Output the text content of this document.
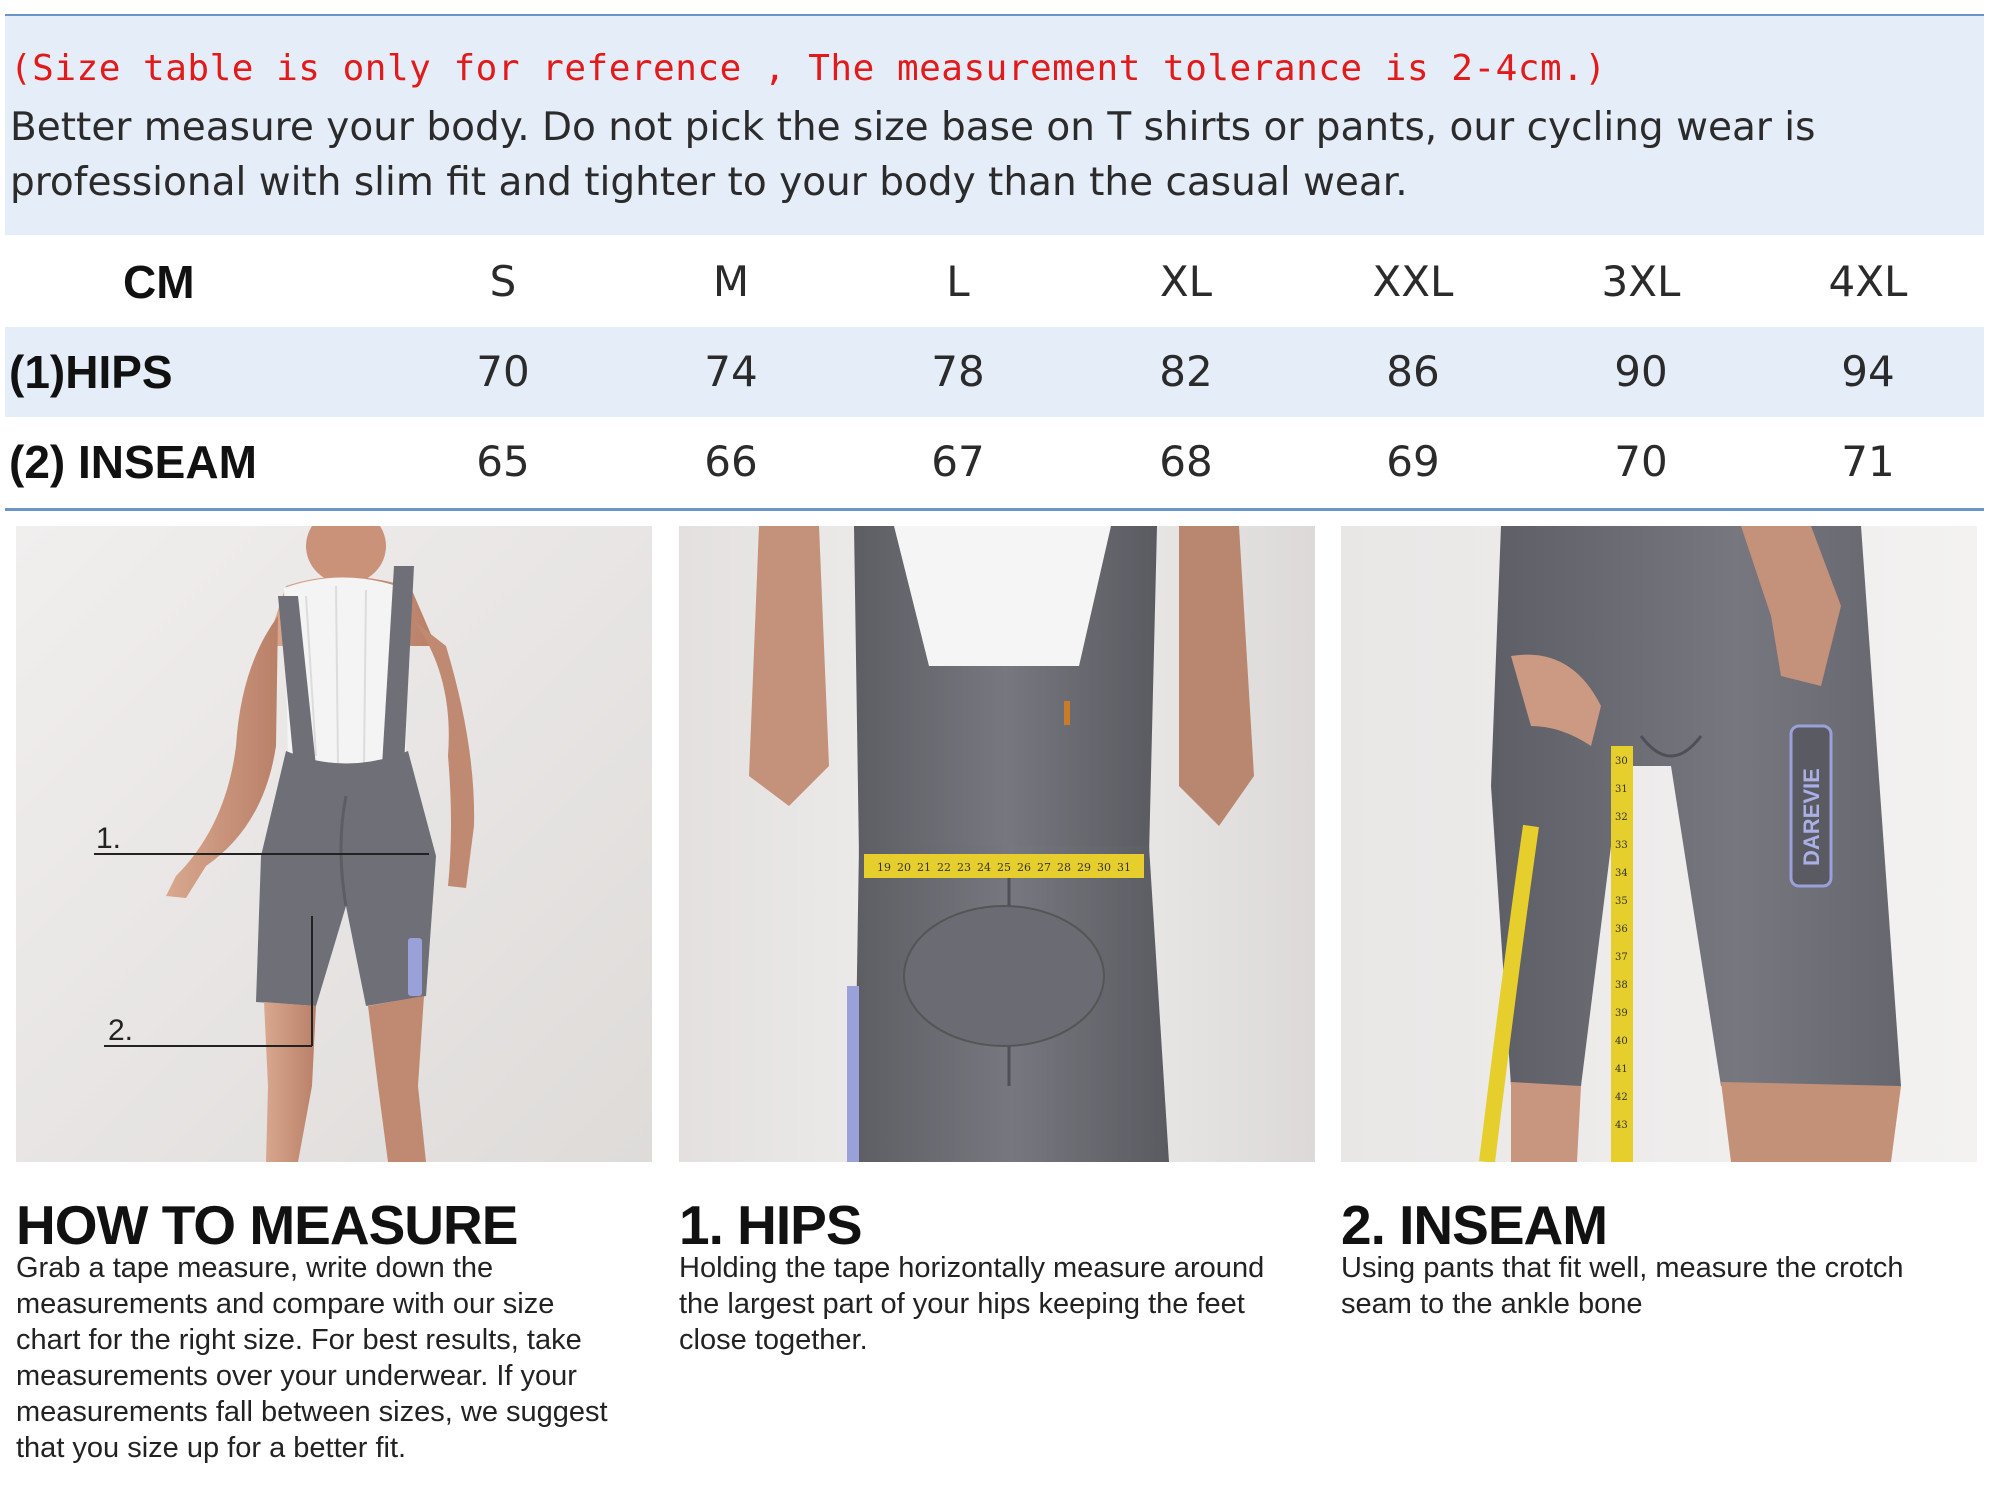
(Size table is only for reference , The measurement tolerance is 2-4cm.)
Better measure your body. Do not pick the size base on T shirts or pants, our cycling wear is professional with slim fit and tighter to your body than the casual wear.
CM	S	M	L	XL	XXL	3XL	4XL
(1)HIPS	70	74	78	82	86	90	94
(2) INSEAM	65	66	67	68	69	70	71
1.
2.
19 20 21 22 23 24 25 26 27 28 29 30 31
DAREVIE
30
31
32
33
34
35
36
37
38
39
40
41
42
43
HOW TO MEASURE
Grab a tape measure, write down the measurements and compare with our size chart for the right size. For best results, take measurements over your underwear. If your measurements fall between sizes, we suggest that you size up for a better fit.
1. HIPS
Holding the tape horizontally measure around the largest part of your hips keeping the feet close together.
2. INSEAM
Using pants that fit well, measure the crotch seam to the ankle bone
